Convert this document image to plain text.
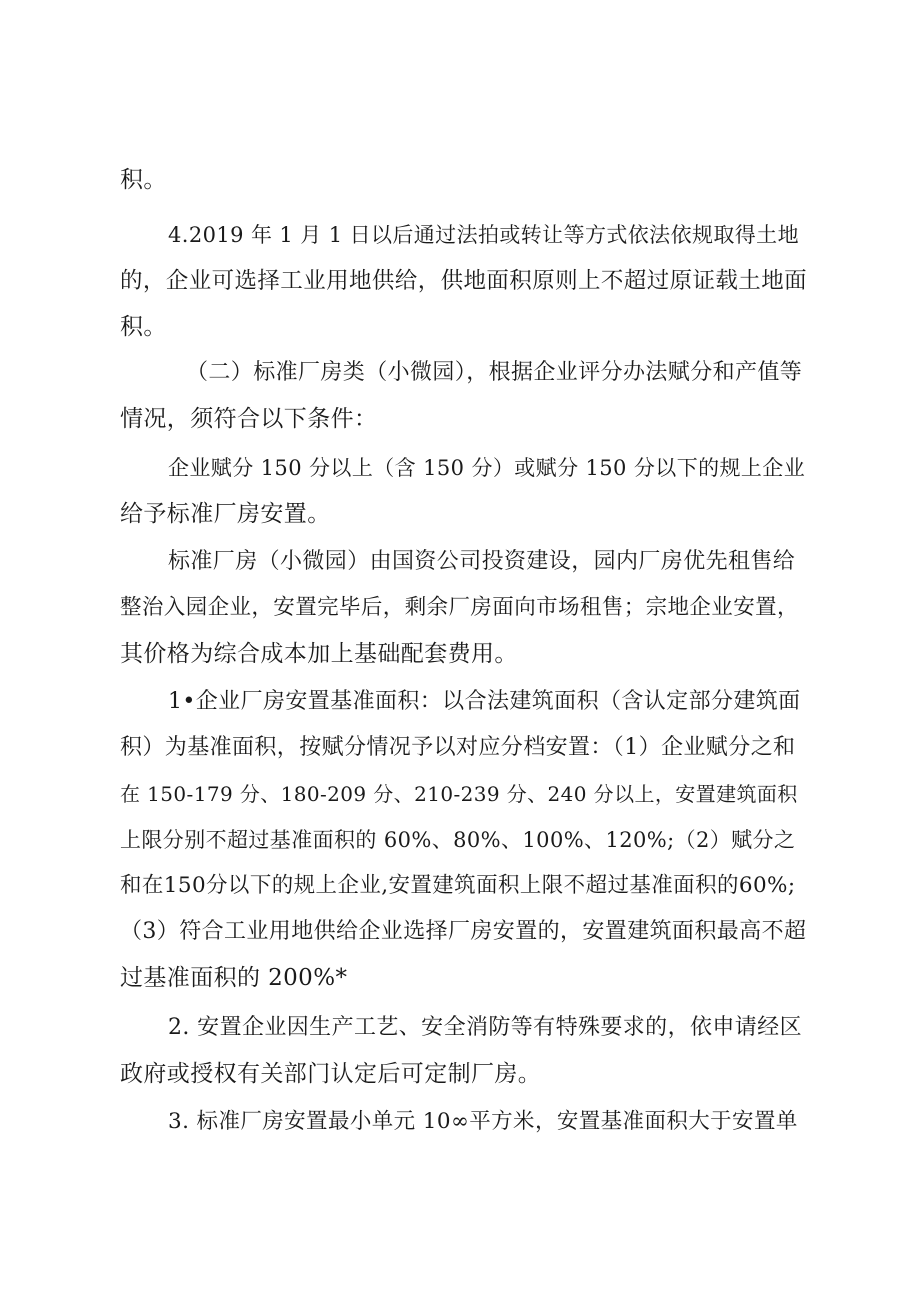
积。
4.2019 年 1 月 1 日以后通过法拍或转让等方式依法依规取得土地
的，企业可选择工业用地供给，供地面积原则上不超过原证载土地面
积。
（二）标准厂房类（小微园），根据企业评分办法赋分和产值等
情况，须符合以下条件：
企业赋分 150 分以上（含 150 分）或赋分 150 分以下的规上企业
给予标准厂房安置。
标准厂房（小微园）由国资公司投资建设，园内厂房优先租售给
整治入园企业，安置完毕后，剩余厂房面向市场租售；宗地企业安置，
其价格为综合成本加上基础配套费用。
1•企业厂房安置基准面积：以合法建筑面积（含认定部分建筑面
积）为基准面积，按赋分情况予以对应分档安置：（1）企业赋分之和
在 150-179 分、180-209 分、210-239 分、240 分以上，安置建筑面积
上限分别不超过基准面积的 60%、80%、100%、120%;（2）赋分之
和在150分以下的规上企业,安置建筑面积上限不超过基准面积的60%;
（3）符合工业用地供给企业选择厂房安置的，安置建筑面积最高不超
过基准面积的 200%*
2. 安置企业因生产工艺、安全消防等有特殊要求的，依申请经区
政府或授权有关部门认定后可定制厂房。
3. 标准厂房安置最小单元 10∞平方米，安置基准面积大于安置单
